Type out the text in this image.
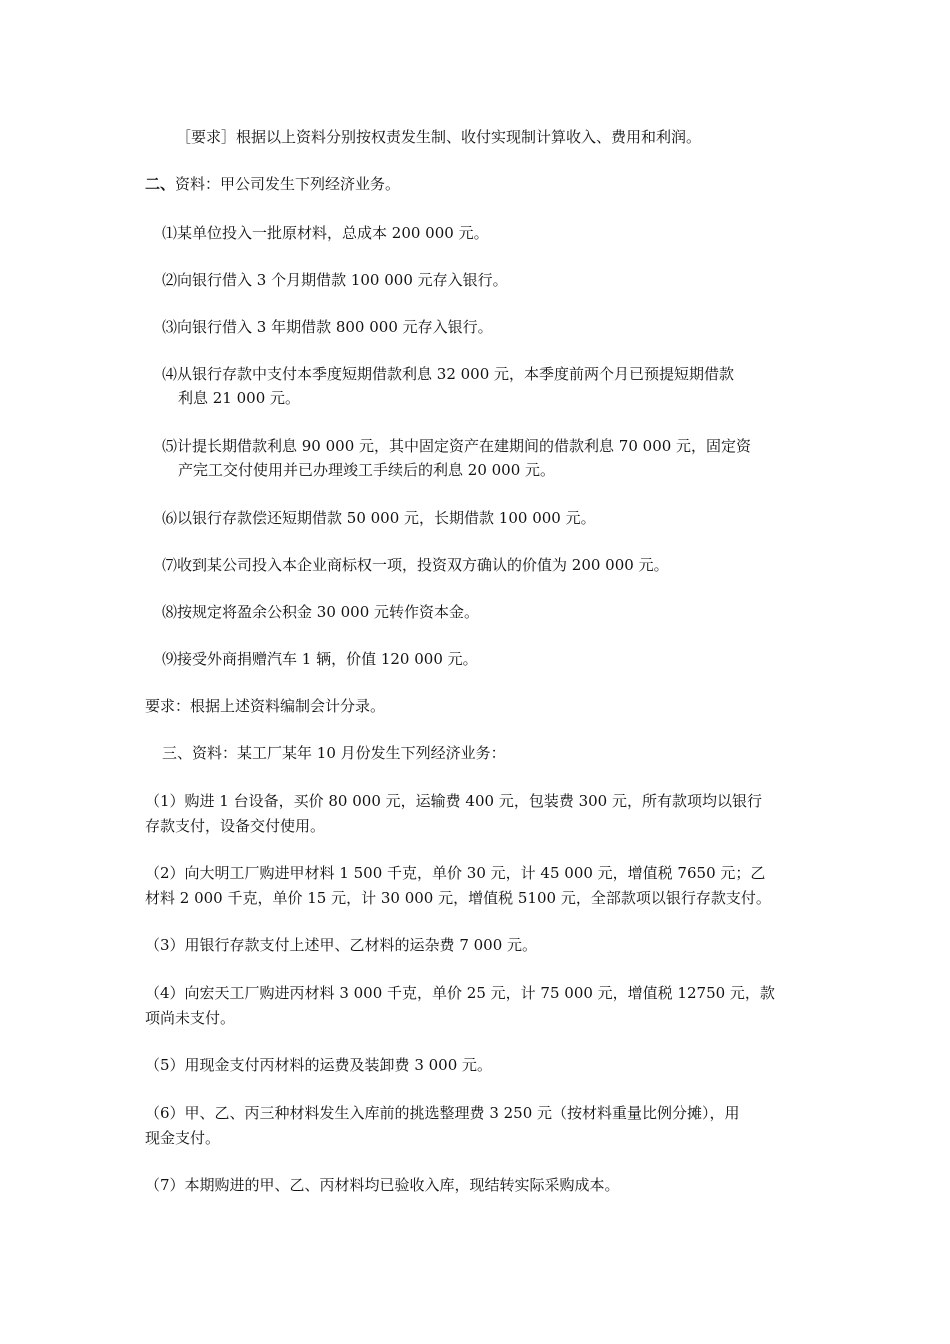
［要求］根据以上资料分别按权责发生制、收付实现制计算收入、费用和利润。
二、资料：甲公司发生下列经济业务。
⑴某单位投入一批原材料，总成本 200 000 元。
⑵向银行借入 3 个月期借款 100 000 元存入银行。
⑶向银行借入 3 年期借款 800 000 元存入银行。
⑷从银行存款中支付本季度短期借款利息 32 000 元，本季度前两个月已预提短期借款
利息 21 000 元。
⑸计提长期借款利息 90 000 元，其中固定资产在建期间的借款利息 70 000 元，固定资
产完工交付使用并已办理竣工手续后的利息 20 000 元。
⑹以银行存款偿还短期借款 50 000 元，长期借款 100 000 元。
⑺收到某公司投入本企业商标权一项，投资双方确认的价值为 200 000 元。
⑻按规定将盈余公积金 30 000 元转作资本金。
⑼接受外商捐赠汽车 1 辆，价值 120 000 元。
要求：根据上述资料编制会计分录。
三、资料：某工厂某年 10 月份发生下列经济业务：
（1）购进 1 台设备，买价 80 000 元，运输费 400 元，包装费 300 元，所有款项均以银行
存款支付，设备交付使用。
（2）向大明工厂购进甲材料 1 500 千克，单价 30 元，计 45 000 元，增值税 7650 元；乙
材料 2 000 千克，单价 15 元，计 30 000 元，增值税 5100 元，全部款项以银行存款支付。
（3）用银行存款支付上述甲、乙材料的运杂费 7 000 元。
（4）向宏天工厂购进丙材料 3 000 千克，单价 25 元，计 75 000 元，增值税 12750 元，款
项尚未支付。
（5）用现金支付丙材料的运费及装卸费 3 000 元。
（6）甲、乙、丙三种材料发生入库前的挑选整理费 3 250 元（按材料重量比例分摊），用
现金支付。
（7）本期购进的甲、乙、丙材料均已验收入库，现结转实际采购成本。
